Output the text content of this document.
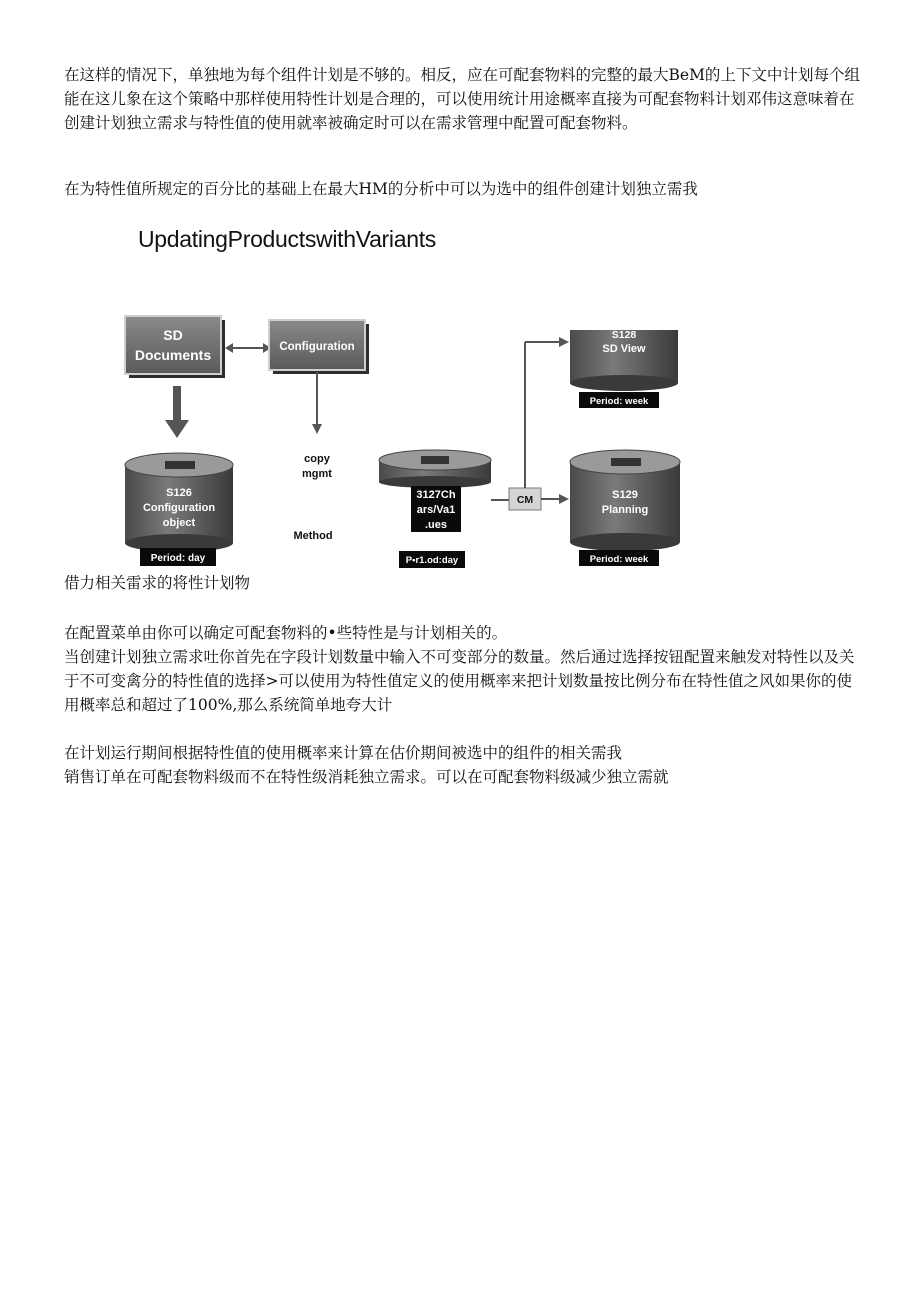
在这样的情况下，单独地为每个组件计划是不够的。相反，应在可配套物料的完整的最大BeM的上下文中计划每个组能在这儿象在这个策略中那样使用特性计划是合理的，可以使用统计用途概率直接为可配套物料计划邓伟这意味着在创建计划独立需求与特性值的使用就率被确定时可以在需求管理中配置可配套物料。

在为特性值所规定的百分比的基础上在最大HM的分析中可以为选中的组件创建计划独立需我

UpdatingProductswithVariants

SD
Documents	Configuration
copy
mgmt
Method
S126
Configuration
object
Period: day
3127Ch
ars/Va1
.ues
P•r1.od:day
CM
S128
SD View
Period: week
S129
Planning
Period: week

借力相关雷求的将性计划物

在配置菜单由你可以确定可配套物料的•些特性是与计划相关的。

当创建计划独立需求吐你首先在字段计划数量中输入不可变部分的数量。然后通过选择按钮配置来触发对特性以及关于不可变禽分的特性值的选择>可以使用为特性值定义的使用概率来把计划数量按比例分布在特性值之风如果你的使用概率总和超过了100%,那么系统简单地夸大计

在计划运行期间根据特性值的使用概率来计算在估价期间被选中的组件的相关需我

销售订单在可配套物料级而不在特性级消耗独立需求。可以在可配套物料级减少独立需就
